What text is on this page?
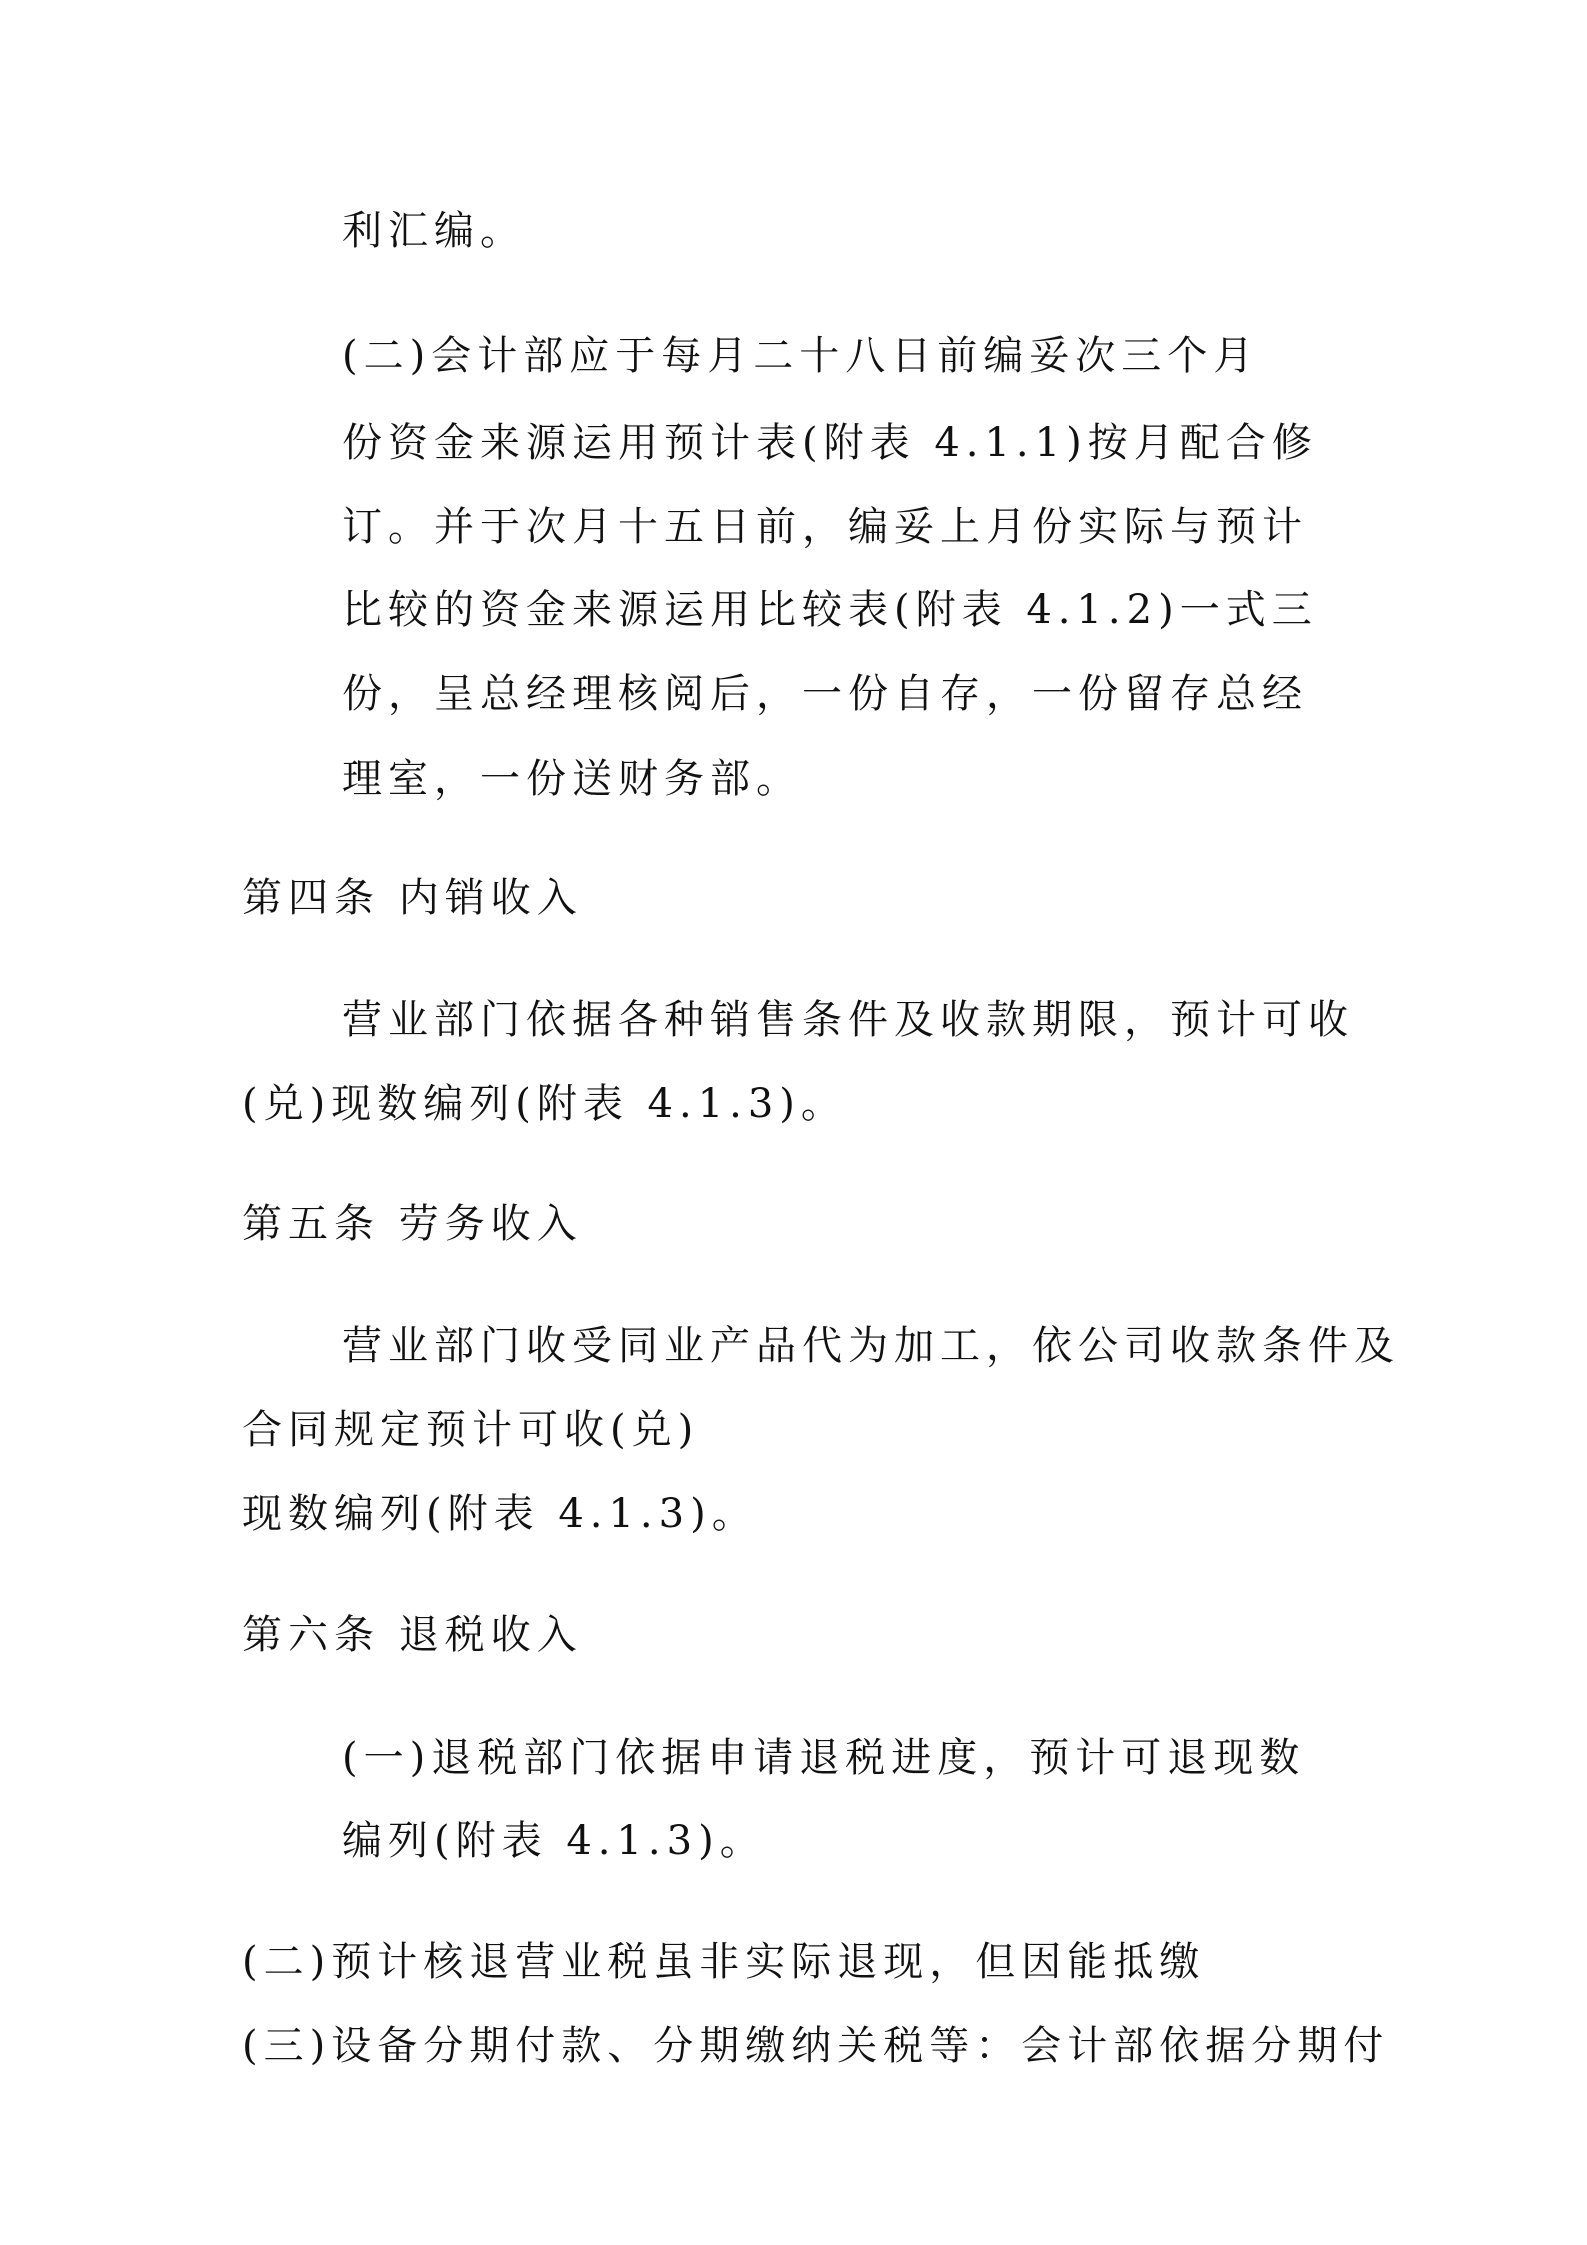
利汇编。
(二)会计部应于每月二十八日前编妥次三个月
份资金来源运用预计表(附表 4.1.1)按月配合修
订。并于次月十五日前，编妥上月份实际与预计
比较的资金来源运用比较表(附表 4.1.2)一式三
份，呈总经理核阅后，一份自存，一份留存总经
理室，一份送财务部。
第四条 内销收入
营业部门依据各种销售条件及收款期限，预计可收
(兑)现数编列(附表 4.1.3)。
第五条 劳务收入
营业部门收受同业产品代为加工，依公司收款条件及
合同规定预计可收(兑)
现数编列(附表 4.1.3)。
第六条 退税收入
(一)退税部门依据申请退税进度，预计可退现数
编列(附表 4.1.3)。
(二)预计核退营业税虽非实际退现，但因能抵缴
(三)设备分期付款、分期缴纳关税等：会计部依据分期付
